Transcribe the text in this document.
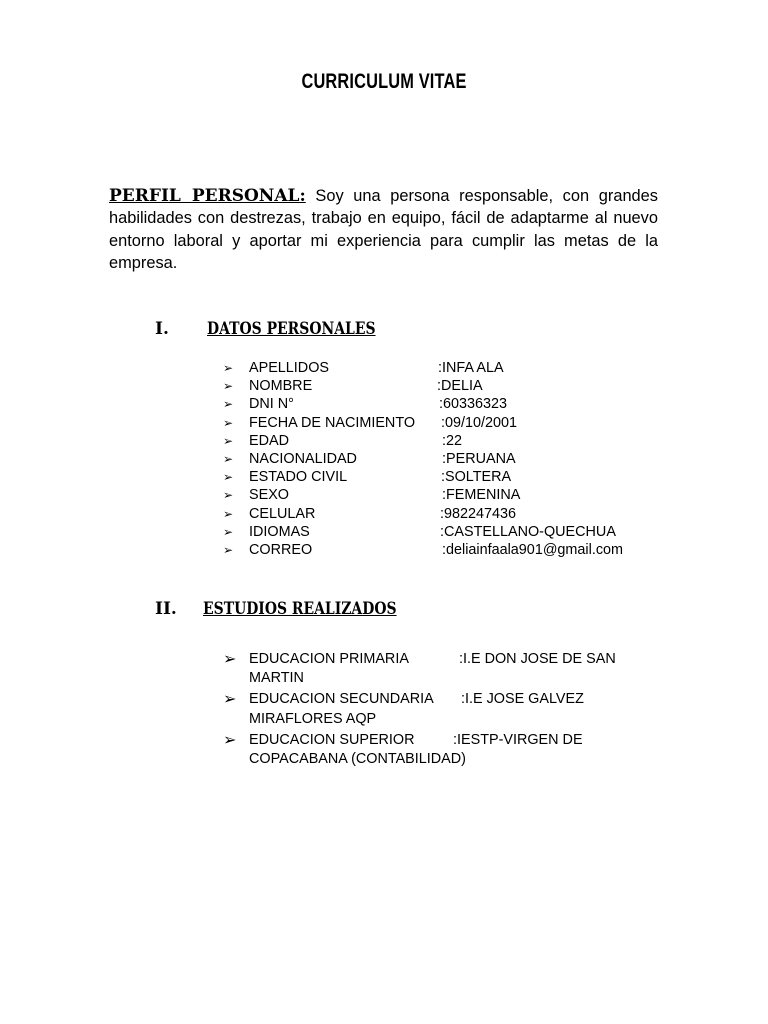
CURRICULUM VITAE

PERFIL PERSONAL: Soy una persona responsable, con grandes habilidades con destrezas, trabajo en equipo, fácil de adaptarme al nuevo entorno laboral y aportar mi experiencia para cumplir las metas de la empresa.

I. DATOS PERSONALES
➢ APELLIDOS	:INFA ALA
➢ NOMBRE	:DELIA
➢ DNI N°	:60336323
➢ FECHA DE NACIMIENTO :09/10/2001
➢ EDAD	:22
➢ NACIONALIDAD	:PERUANA
➢ ESTADO CIVIL	:SOLTERA
➢ SEXO	:FEMENINA
➢ CELULAR	:982247436
➢ IDIOMAS	:CASTELLANO-QUECHUA
➢ CORREO	:deliainfaala901@gmail.com
II. ESTUDIOS REALIZADOS
➢ EDUCACION PRIMARIA	:I.E DON JOSE DE SAN MARTIN
➢ EDUCACION SECUNDARIA :I.E JOSE GALVEZ MIRAFLORES AQP
➢ EDUCACION SUPERIOR	:IESTP-VIRGEN DE COPACABANA (CONTABILIDAD)
